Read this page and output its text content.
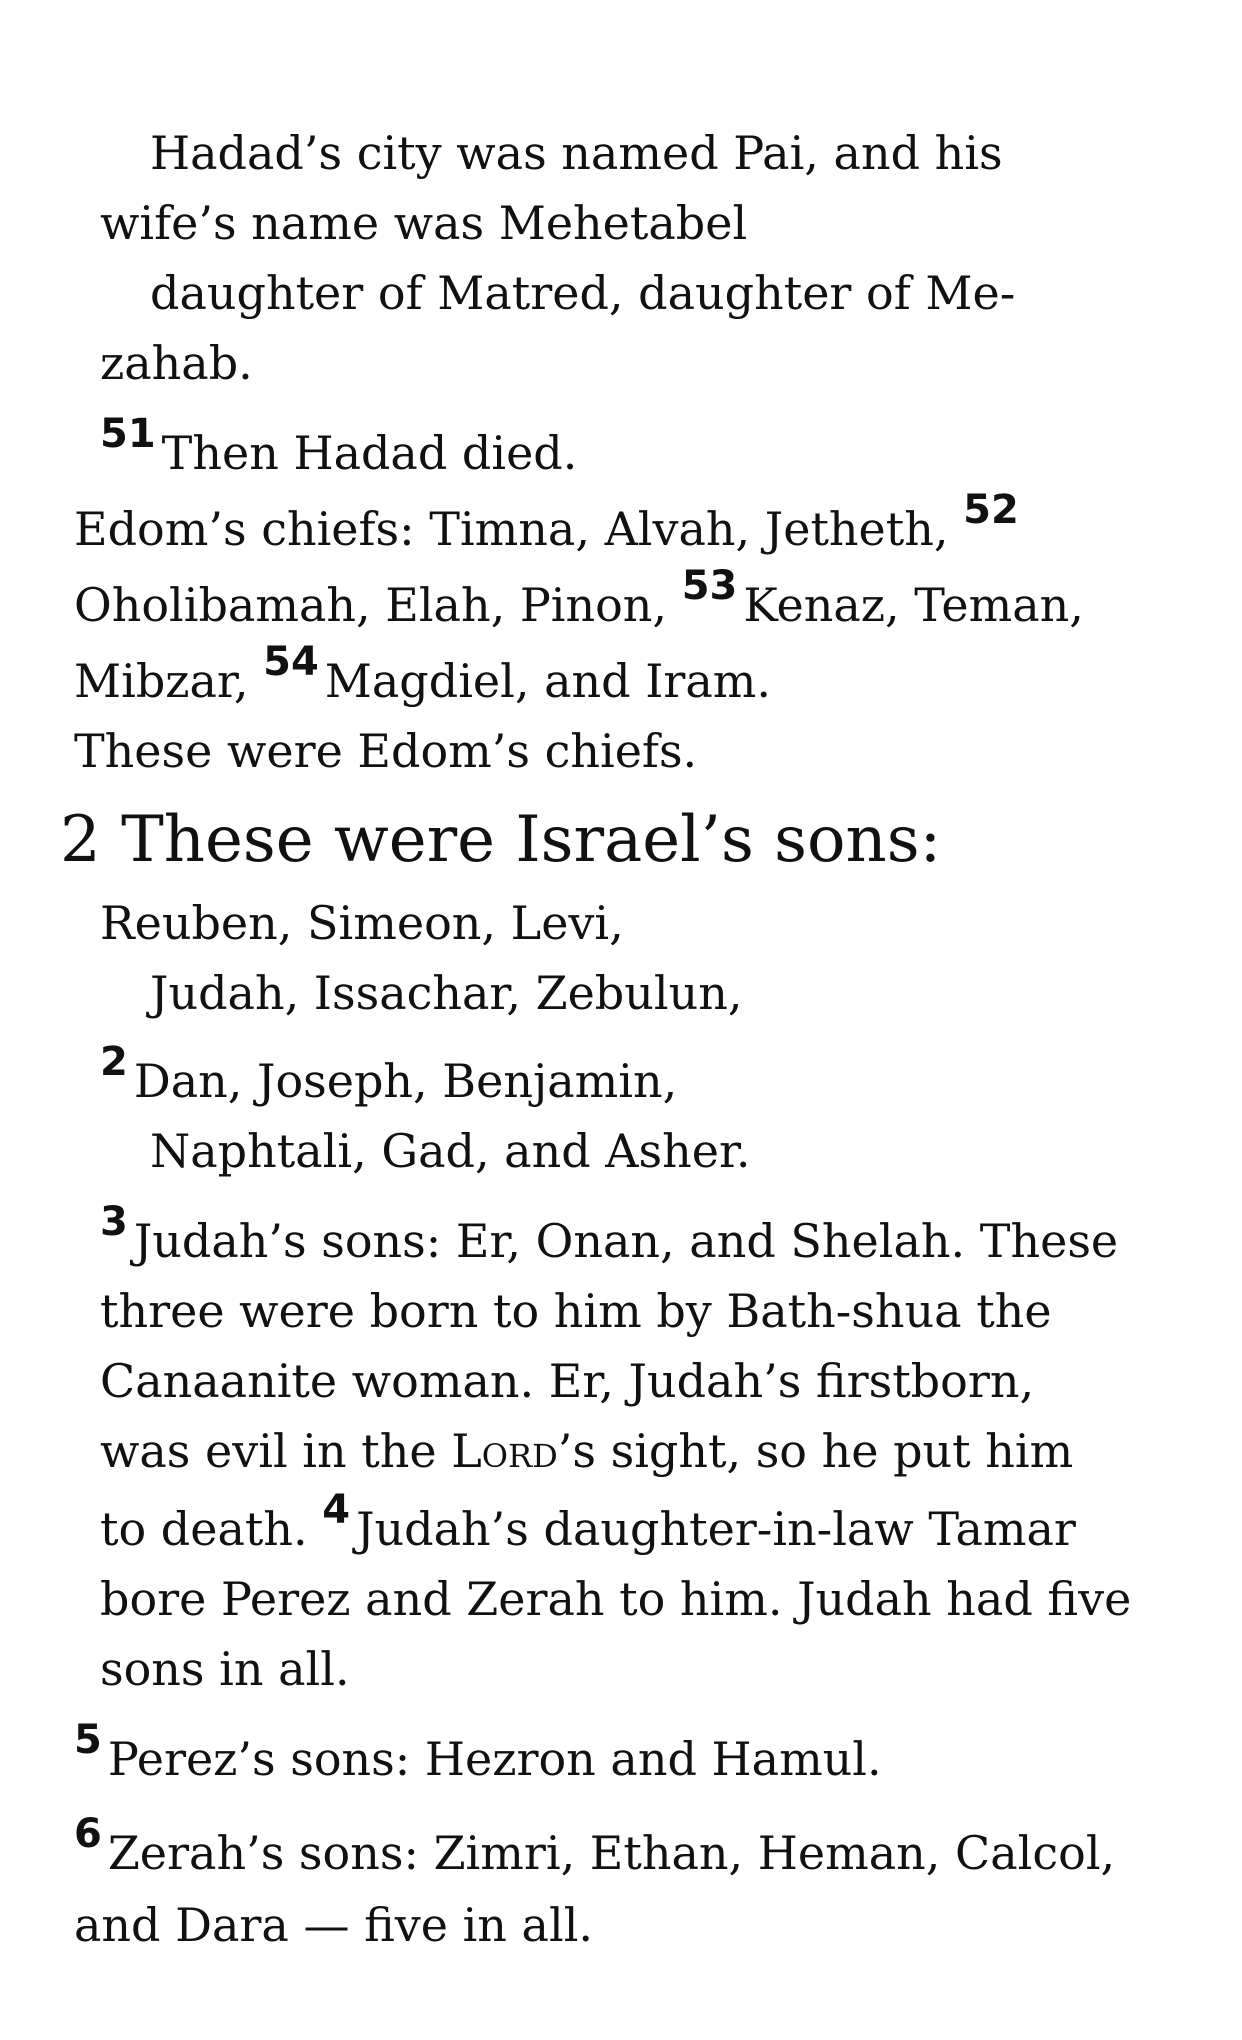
Hadad’s city was named Pai, and his
wife’s name was Mehetabel
daughter of Matred, daughter of Me-
zahab.
51 Then Hadad died.
Edom’s chiefs: Timna, Alvah, Jetheth, 52
Oholibamah, Elah, Pinon, 53 Kenaz, Teman,
Mibzar, 54 Magdiel, and Iram.
These were Edom’s chiefs.
2 These were Israel’s sons:
Reuben, Simeon, Levi,
Judah, Issachar, Zebulun,
2 Dan, Joseph, Benjamin,
Naphtali, Gad, and Asher.
3 Judah’s sons: Er, Onan, and Shelah. These
three were born to him by Bath-shua the
Canaanite woman. Er, Judah’s firstborn,
was evil in the Lord’s sight, so he put him
to death. 4 Judah’s daughter-in-law Tamar
bore Perez and Zerah to him. Judah had five
sons in all.
5 Perez’s sons: Hezron and Hamul.
6 Zerah’s sons: Zimri, Ethan, Heman, Calcol,
and Dara — five in all.
